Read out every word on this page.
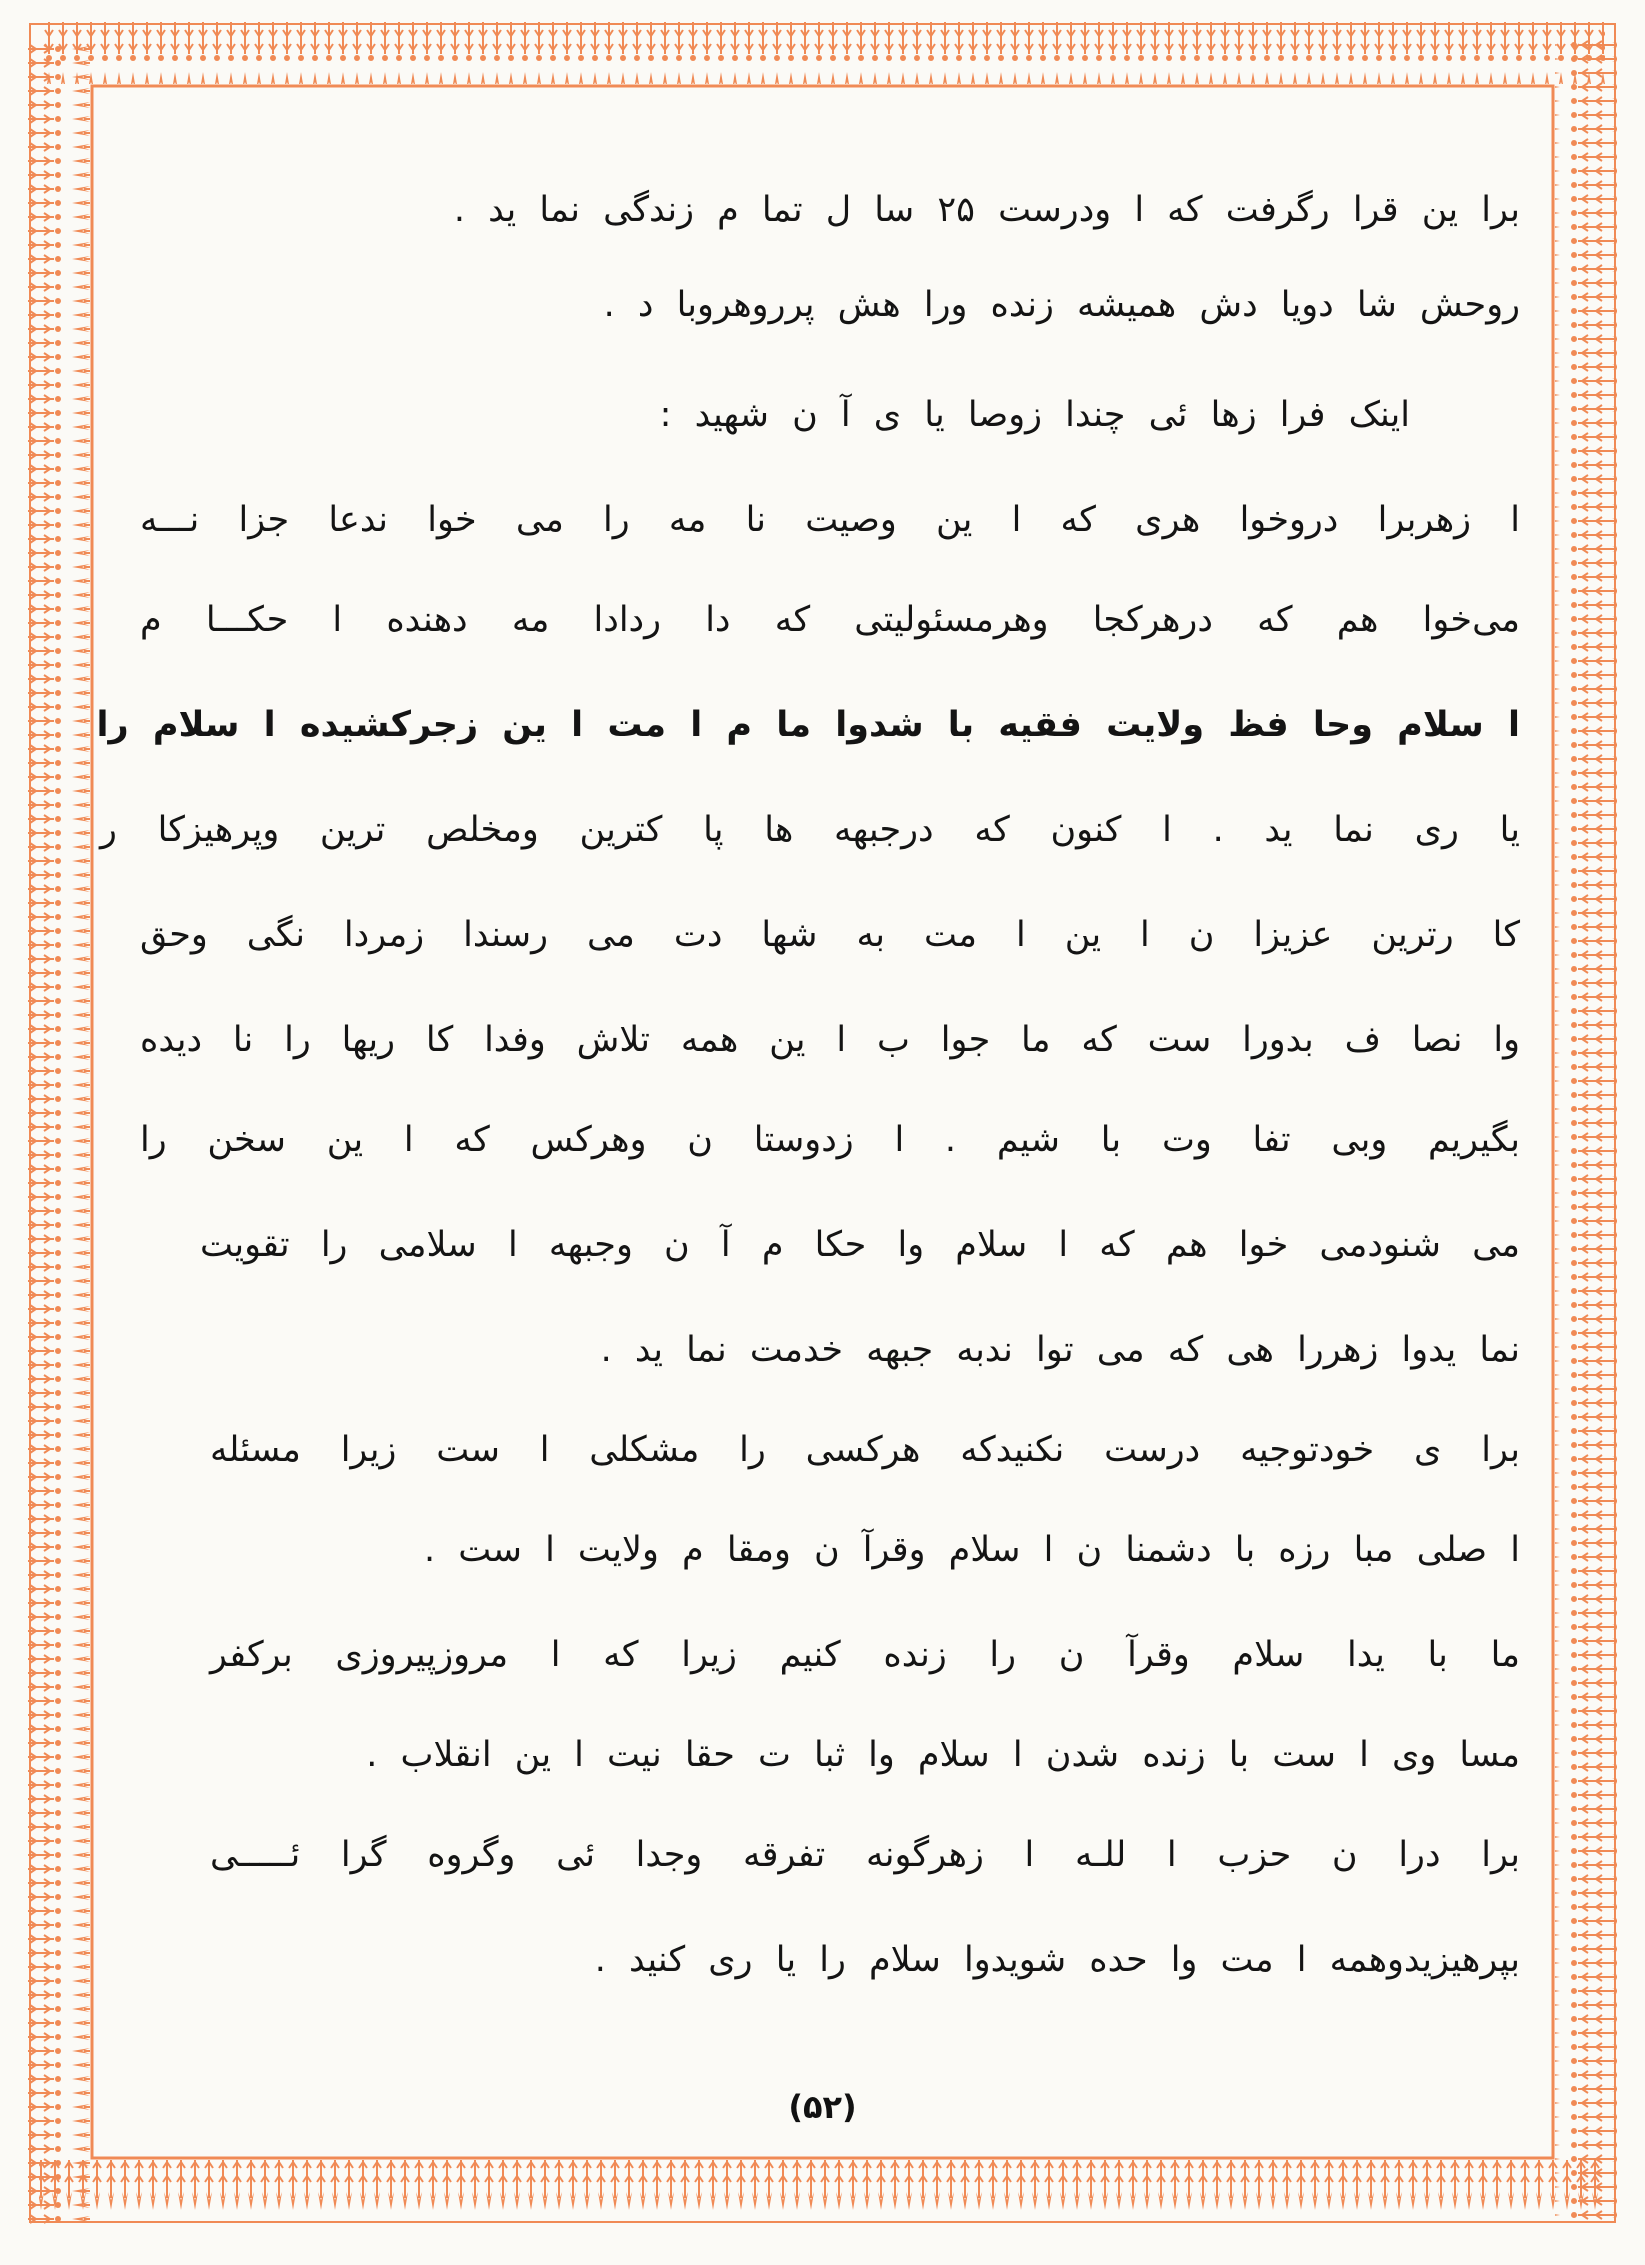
برا ین قرا رگرفت که ا ودرست ۲۵ سا ل تما م زندگی نما ید .
روحش شا دویا دش همیشه زنده ورا هش پرروهروبا د .
اینک فرا زها ئی چندا زوصا یا ی آ ن شهید :
ا زهربرا دروخوا هری که ا ین وصیت نا مه را می خوا ندعا جزا نـــه
می‌خوا هم که درهرکجا وهرمسئولیتی که دا ردادا مه دهنده ا حکـــا م
ا سلام وحا فظ ولایت فقیه با شدوا ما م ا مت ا ین زجرکشیده ا سلام را
یا ری نما ید . ا کنون که درجبهه ها پا کترین ومخلص ترین وپرهیزکا ر
کا رترین عزیزا ن ا ین ا مت به شها دت می رسندا زمردا نگی وحق
وا نصا ف بدورا ست که ما جوا ب ا ین همه تلاش وفدا کا ریها را نا دیده
بگیریم وبی تفا وت با شیم . ا زدوستا ن وهرکس که ا ین سخن را
می شنودمی خوا هم که ا سلام وا حکا م آ ن وجبهه ا سلامی را تقویت
نما یدوا زهررا هی که می توا ندبه جبهه خدمت نما ید .
برا ی خودتوجیه درست نکنیدکه هرکسی را مشکلی ا ست زیرا مسئله
ا صلی مبا رزه با دشمنا ن ا سلام وقرآ ن ومقا م ولایت ا ست .
ما با یدا سلام وقرآ ن را زنده کنیم زیرا که ا مروزپیروزی برکفر
مسا وی ا ست با زنده شدن ا سلام وا ثبا ت حقا نیت ا ین انقلاب .
برا درا ن حزب ا للـه ا زهرگونه تفرقه وجدا ئی وگروه گرا ئـــــی
بپرهیزیدوهمه ا مت وا حده شویدوا سلام را یا ری کنید .
(۵۲)
